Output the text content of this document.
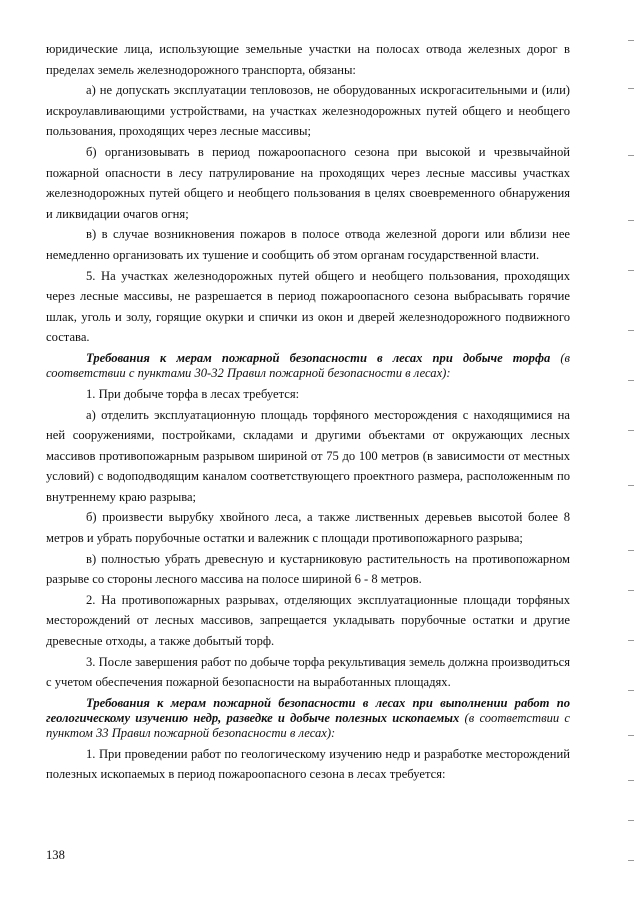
юридические лица, использующие земельные участки на полосах отвода железных дорог в пределах земель железнодорожного транспорта, обязаны:

а) не допускать эксплуатации тепловозов, не оборудованных искрогасительными и (или) искроулавливающими устройствами, на участках железнодорожных путей общего и необщего пользования, проходящих через лесные массивы;

б) организовывать в период пожароопасного сезона при высокой и чрезвычайной пожарной опасности в лесу патрулирование на проходящих через лесные массивы участках железнодорожных путей общего и необщего пользования в целях своевременного обнаружения и ликвидации очагов огня;

в) в случае возникновения пожаров в полосе отвода железной дороги или вблизи нее немедленно организовать их тушение и сообщить об этом органам государственной власти.

5. На участках железнодорожных путей общего и необщего пользования, проходящих через лесные массивы, не разрешается в период пожароопасного сезона выбрасывать горячие шлак, уголь и золу, горящие окурки и спички из окон и дверей железнодорожного подвижного состава.

Требования к мерам пожарной безопасности в лесах при добыче торфа (в соответствии с пунктами 30-32 Правил пожарной безопасности в лесах):

1. При добыче торфа в лесах требуется:

а) отделить эксплуатационную площадь торфяного месторождения с находящимися на ней сооружениями, постройками, складами и другими объектами от окружающих лесных массивов противопожарным разрывом шириной от 75 до 100 метров (в зависимости от местных условий) с водоподводящим каналом соответствующего проектного размера, расположенным по внутреннему краю разрыва;

б) произвести вырубку хвойного леса, а также лиственных деревьев высотой более 8 метров и убрать порубочные остатки и валежник с площади противопожарного разрыва;

в) полностью убрать древесную и кустарниковую растительность на противопожарном разрыве со стороны лесного массива на полосе шириной 6 - 8 метров.

2. На противопожарных разрывах, отделяющих эксплуатационные площади торфяных месторождений от лесных массивов, запрещается укладывать порубочные остатки и другие древесные отходы, а также добытый торф.

3. После завершения работ по добыче торфа рекультивация земель должна производиться с учетом обеспечения пожарной безопасности на выработанных площадях.

Требования к мерам пожарной безопасности в лесах при выполнении работ по геологическому изучению недр, разведке и добыче полезных ископаемых (в соответствии с пунктом 33 Правил пожарной безопасности в лесах):

1. При проведении работ по геологическому изучению недр и разработке месторождений полезных ископаемых в период пожароопасного сезона в лесах требуется:

138
